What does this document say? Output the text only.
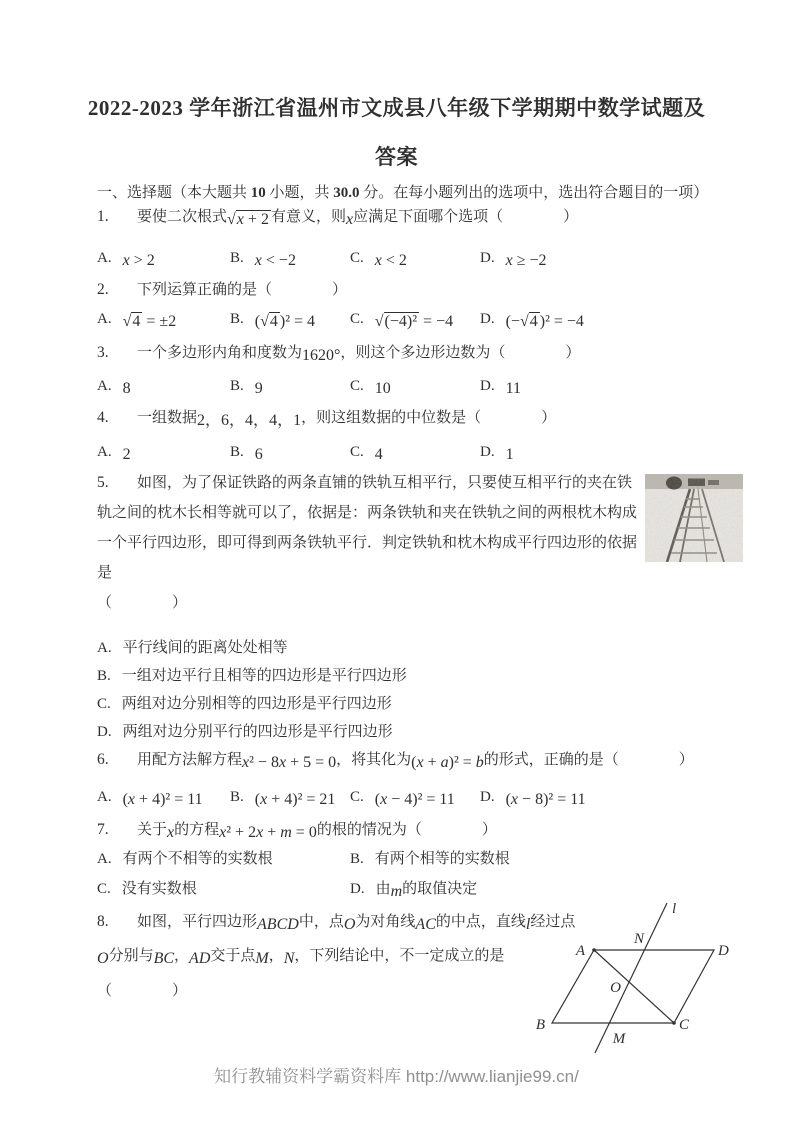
2022-2023 学年浙江省温州市文成县八年级下学期期中数学试题及
答案
一、选择题（本大题共 10 小题，共 30.0 分。在每小题列出的选项中，选出符合题目的一项）
1. 要使二次根式√x + 2 有意义，则x应满足下面哪个选项（　　　　）
A. x > 2	B. x < −2	C. x < 2	D. x ≥ −2
2. 下列运算正确的是（　　　　）
A. √4 = ±2	B. (√4 )² = 4	C. √(−4)² = −4	D. (−√4 )² = −4
3. 一个多边形内角和度数为1620°，则这个多边形边数为（　　　　）
A. 8	B. 9	C. 10	D. 11
4. 一组数据2，6，4，4，1，则这组数据的中位数是（　　　　）
A. 2	B. 6	C. 4	D. 1
5. 如图，为了保证铁路的两条直铺的铁轨互相平行，只要使互相平行的夹在铁轨之间的枕木长相等就可以了，依据是：两条铁轨和夹在铁轨之间的两根枕木构成一个平行四边形，即可得到两条铁轨平行．判定铁轨和枕木构成平行四边形的依据是
（　　　　）
A. 平行线间的距离处处相等
B. 一组对边平行且相等的四边形是平行四边形
C. 两组对边分别相等的四边形是平行四边形
D. 两组对边分别平行的四边形是平行四边形
6. 用配方法解方程x² − 8x + 5 = 0，将其化为(x + a)² = b的形式，正确的是（　　　　）
A. (x + 4)² = 11	B. (x + 4)² = 21 C. (x − 4)² = 11	D. (x − 8)² = 11
7. 关于x的方程x² + 2x + m = 0的根的情况为（　　　　）
A. 有两个不相等的实数根	B. 有两个相等的实数根
C. 没有实数根	D. 由m的取值决定
8. 如图，平行四边形ABCD中，点O为对角线AC的中点，直线l经过点O分别与BC，AD交于点M，N，下列结论中，不一定成立的是
（　　　　）
A	D
B	C
O
N
M
l
知行教辅资料学霸资料库 http://www.lianjie99.cn/
